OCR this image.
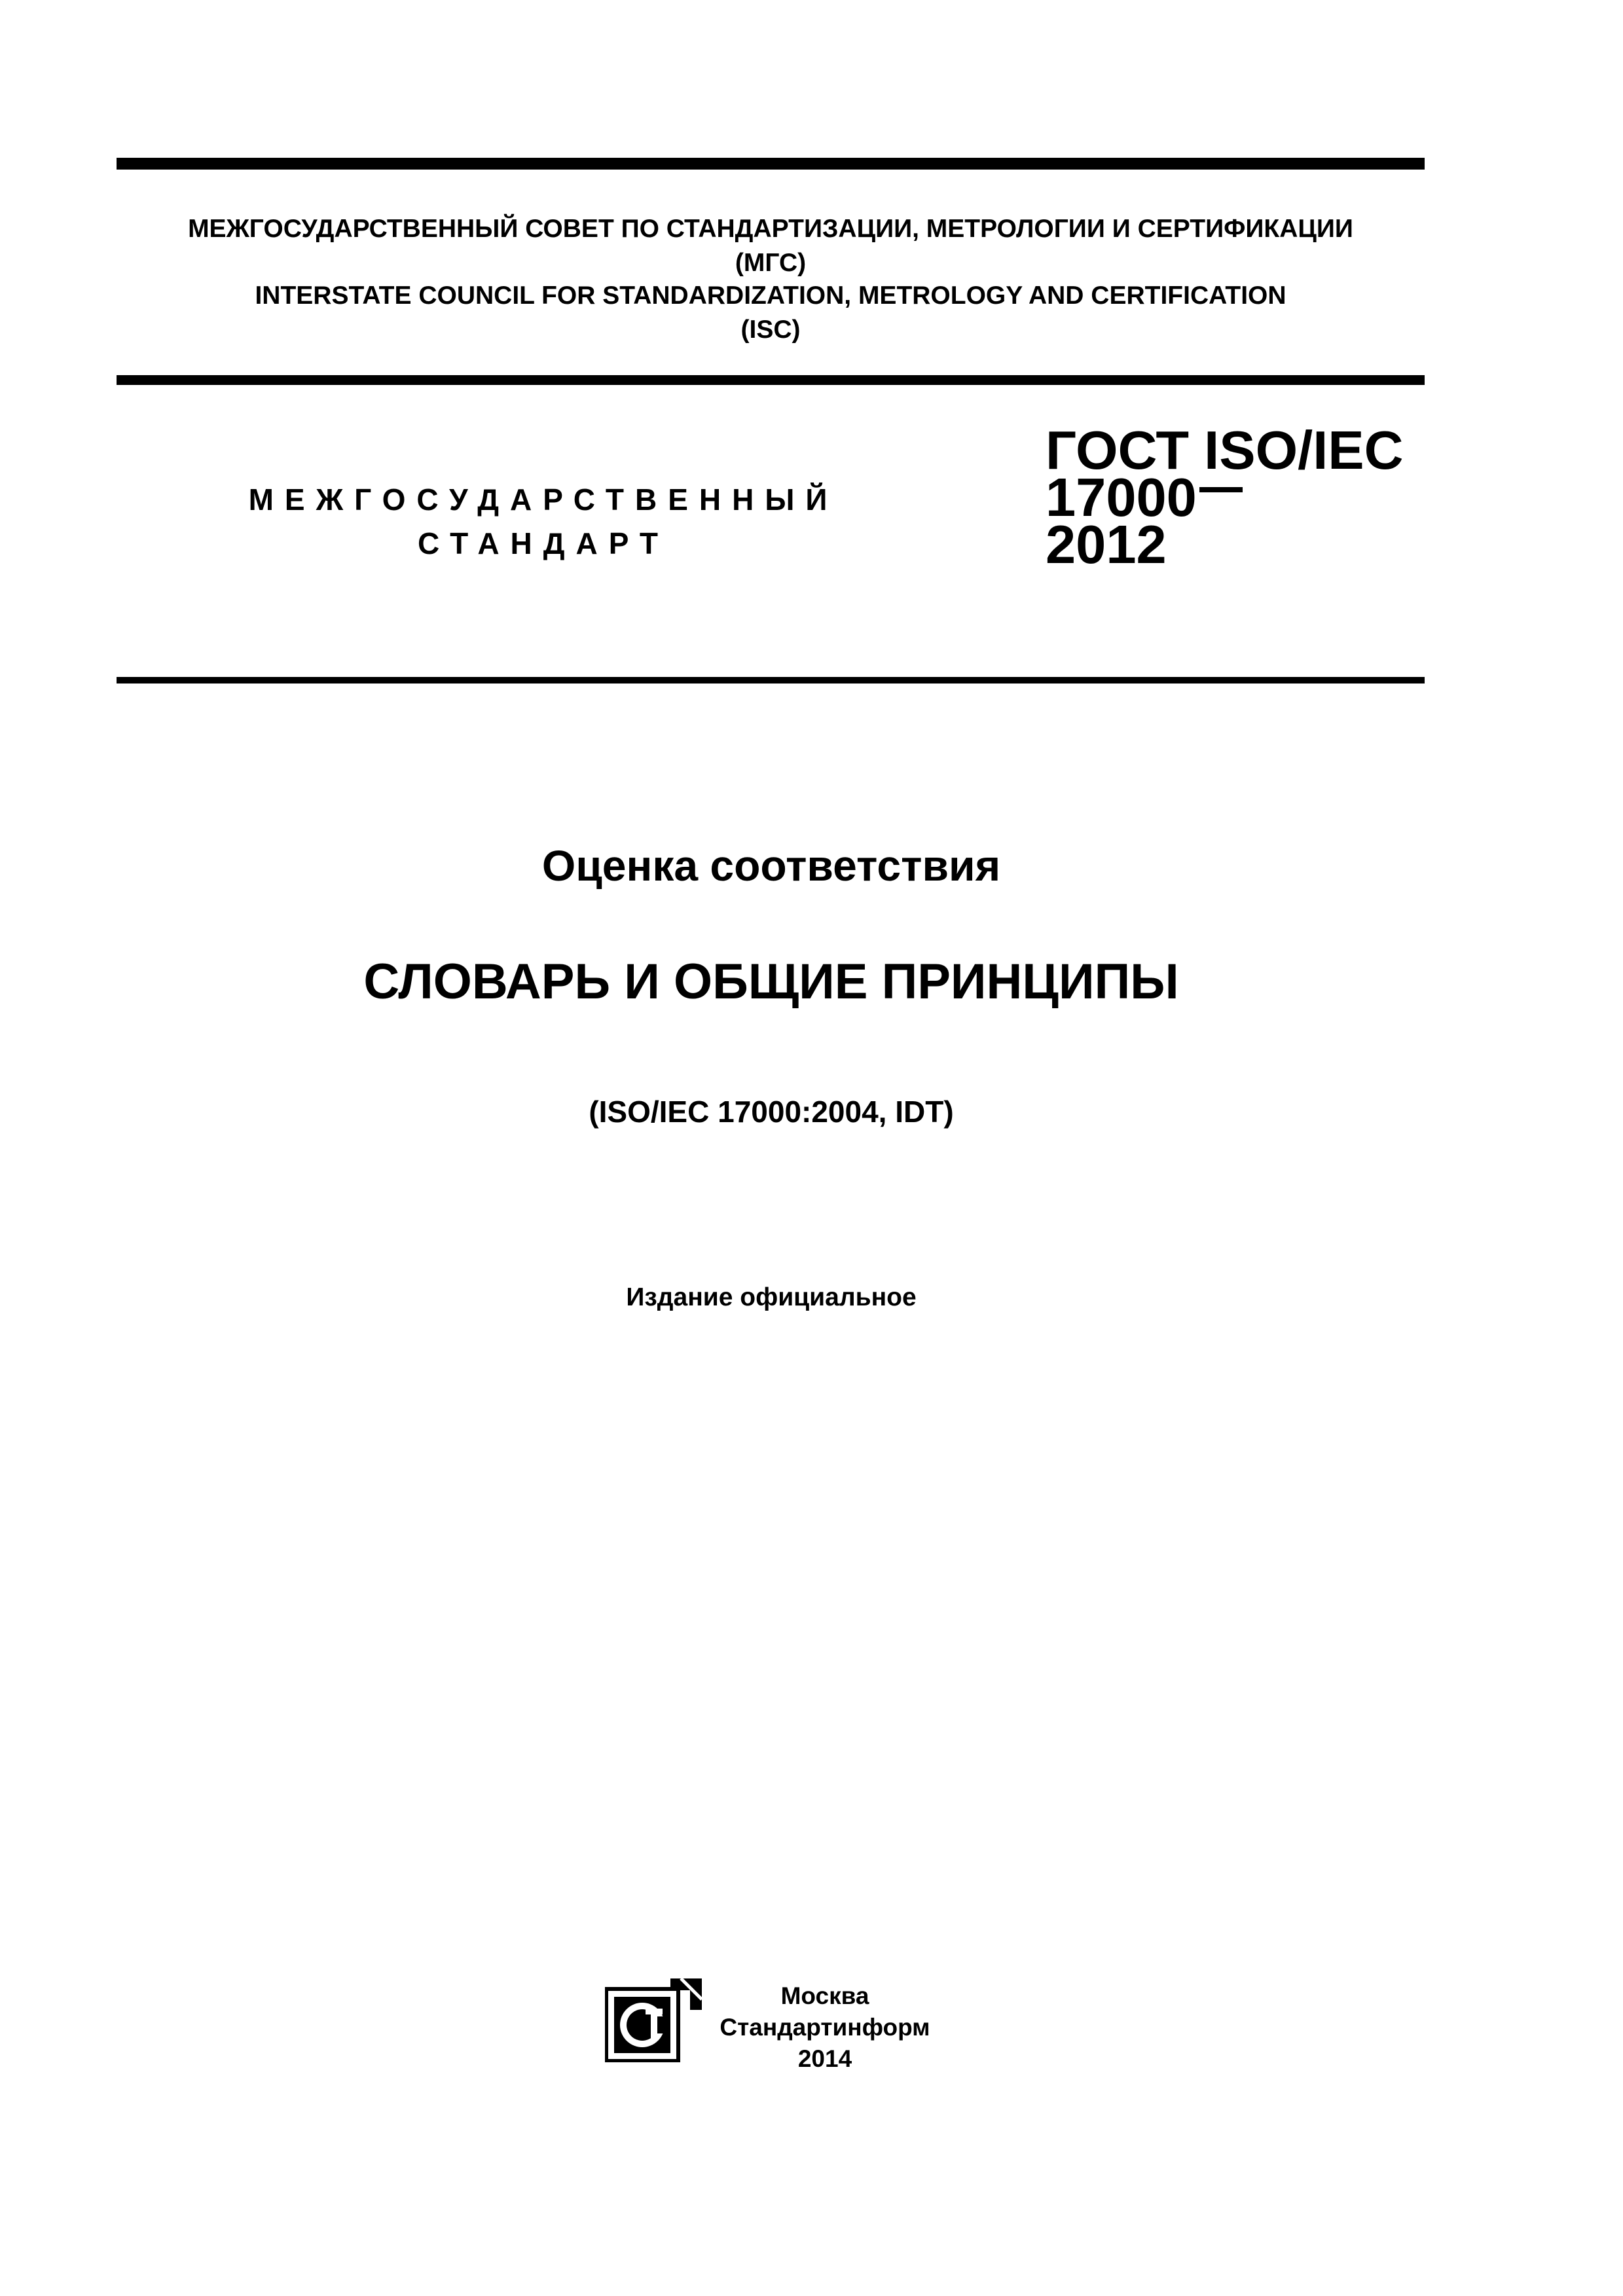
МЕЖГОСУДАРСТВЕННЫЙ СОВЕТ ПО СТАНДАРТИЗАЦИИ, МЕТРОЛОГИИ И СЕРТИФИКАЦИИ
(МГС)
INTERSTATE COUNCIL FOR STANDARDIZATION, METROLOGY AND CERTIFICATION
(ISC)
МЕЖГОСУДАРСТВЕННЫЙ
СТАНДАРТ
ГОСТ ISO/IEC
17000
2012
Оценка соответствия
СЛОВАРЬ И ОБЩИЕ ПРИНЦИПЫ
(ISO/IEC 17000:2004, IDT)
Издание официальное
Москва
Стандартинформ
2014
